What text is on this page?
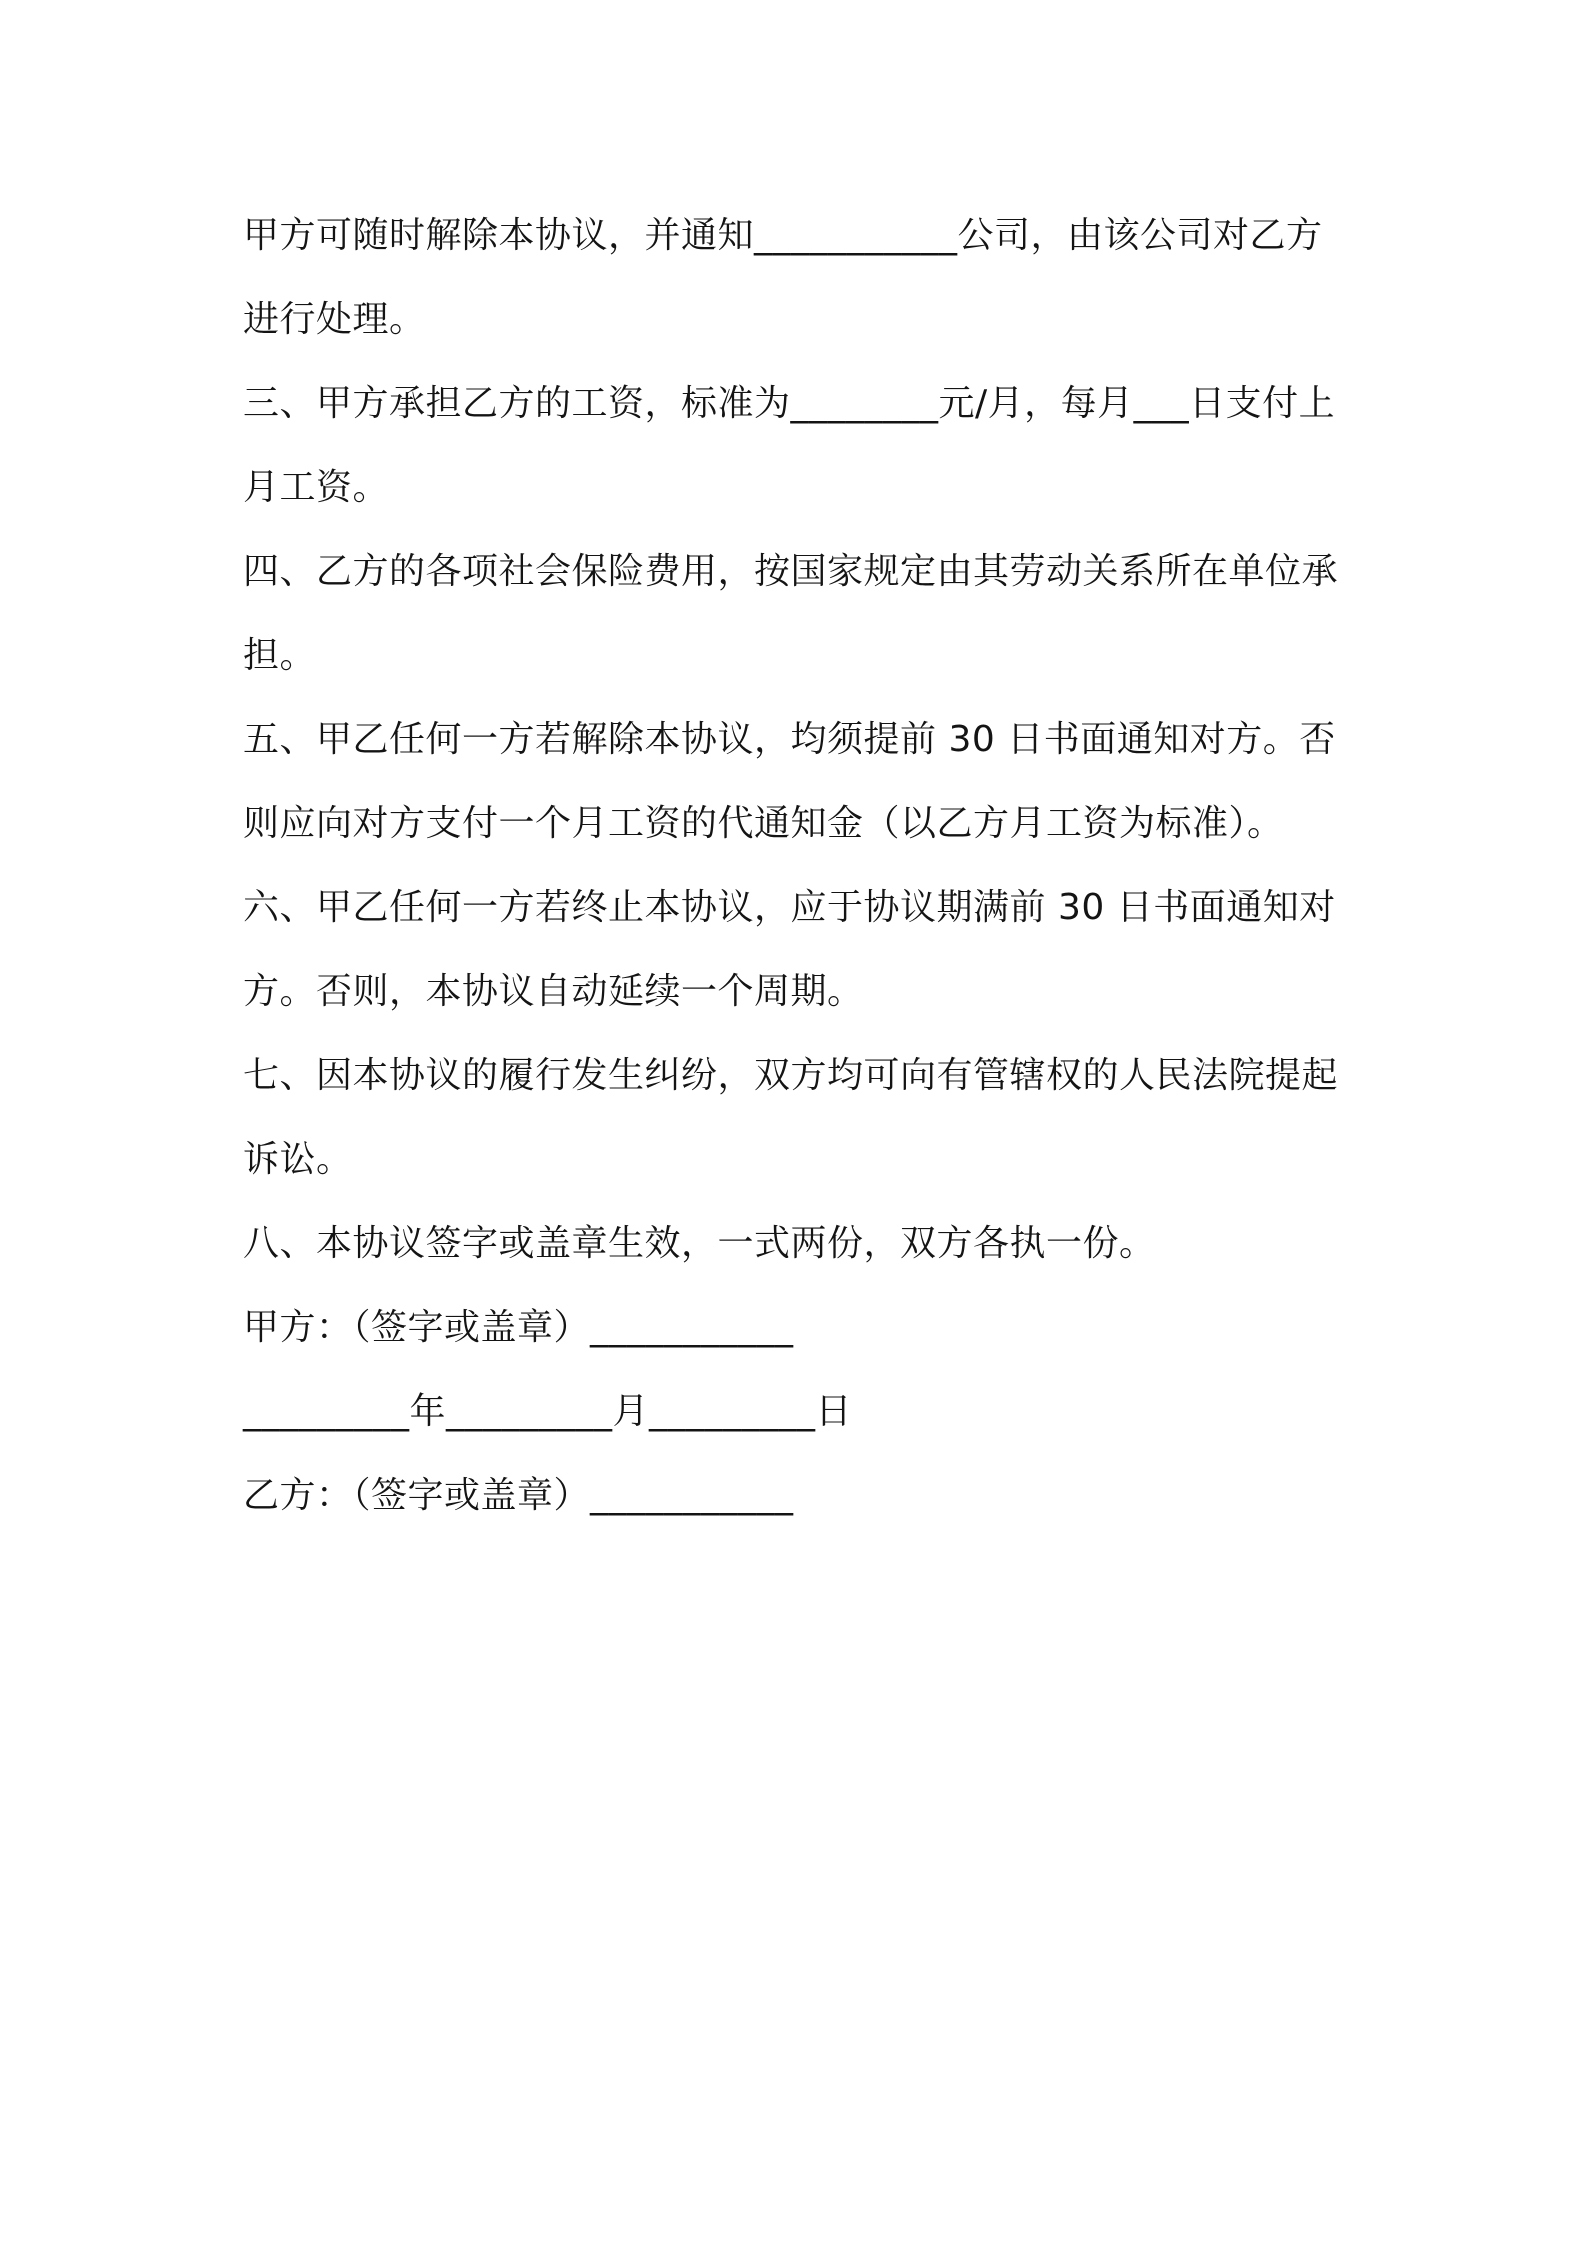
甲方可随时解除本协议，并通知___________公司，由该公司对乙方
进行处理。
三、甲方承担乙方的工资，标准为________元/月，每月___日支付上
月工资。
四、乙方的各项社会保险费用，按国家规定由其劳动关系所在单位承
担。
五、甲乙任何一方若解除本协议，均须提前 30 日书面通知对方。否
则应向对方支付一个月工资的代通知金（以乙方月工资为标准）。
六、甲乙任何一方若终止本协议，应于协议期满前 30 日书面通知对
方。否则，本协议自动延续一个周期。
七、因本协议的履行发生纠纷，双方均可向有管辖权的人民法院提起
诉讼。
八、本协议签字或盖章生效，一式两份，双方各执一份。
甲方：（签字或盖章）___________
_________年_________月_________日
乙方：（签字或盖章）___________
